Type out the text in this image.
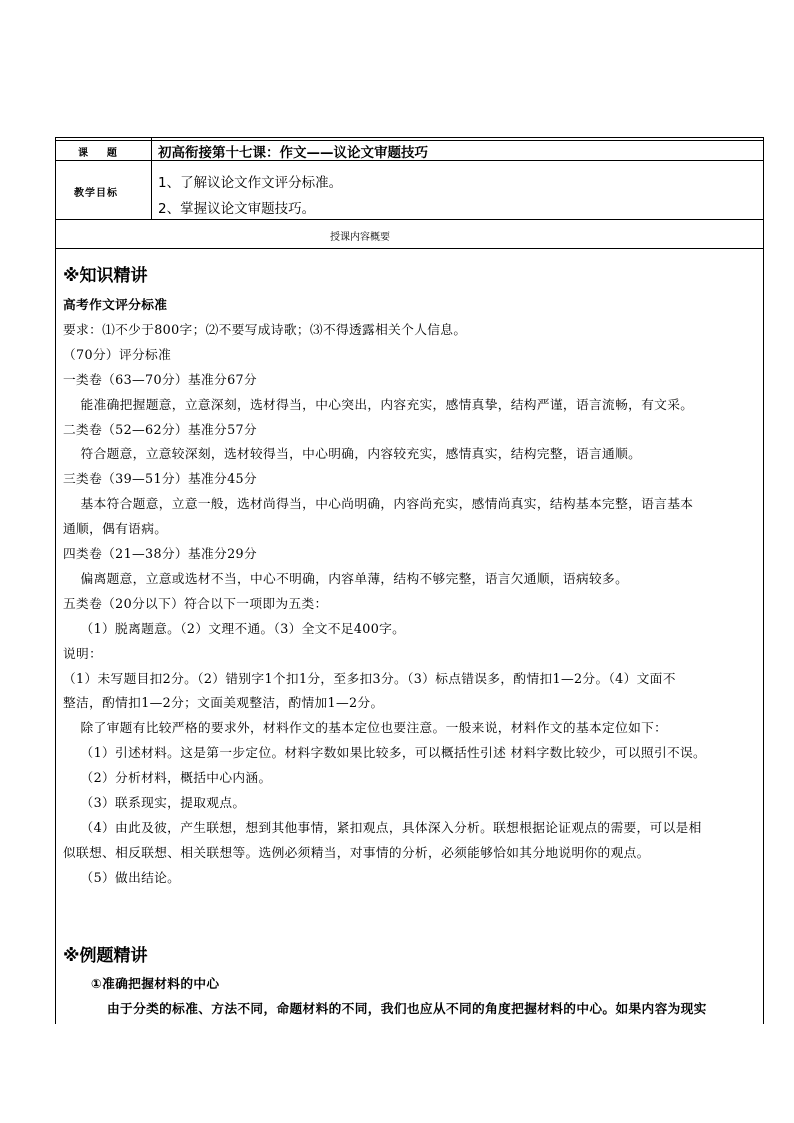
课    题	初高衔接第十七课：作文——议论文审题技巧
教学目标
1、了解议论文作文评分标准。
2、掌握议论文审题技巧。
授课内容概要
※知识精讲
高考作文评分标准
要求：⑴不少于800字；⑵不要写成诗歌；⑶不得透露相关个人信息。
（70分）评分标准
一类卷（63—70分）基准分67分
能准确把握题意，立意深刻，选材得当，中心突出，内容充实，感情真挚，结构严谨，语言流畅，有文采。
二类卷（52—62分）基准分57分
符合题意，立意较深刻，选材较得当，中心明确，内容较充实，感情真实，结构完整，语言通顺。
三类卷（39—51分）基准分45分
基本符合题意，立意一般，选材尚得当，中心尚明确，内容尚充实，感情尚真实，结构基本完整，语言基本
通顺，偶有语病。
四类卷（21—38分）基准分29分
偏离题意，立意或选材不当，中心不明确，内容单薄，结构不够完整，语言欠通顺，语病较多。
五类卷（20分以下）符合以下一项即为五类：
（1）脱离题意。（2）文理不通。（3）全文不足400字。
说明：
（1）未写题目扣2分。（2）错别字1个扣1分，至多扣3分。（3）标点错误多，酌情扣1—2分。（4）文面不
整洁，酌情扣1—2分；文面美观整洁，酌情加1—2分。
除了审题有比较严格的要求外，材料作文的基本定位也要注意。一般来说，材料作文的基本定位如下：
（1）引述材料。这是第一步定位。材料字数如果比较多，可以概括性引述 材料字数比较少，可以照引不误。
（2）分析材料，概括中心内涵。
（3）联系现实，提取观点。
（4）由此及彼，产生联想，想到其他事情，紧扣观点，具体深入分析。联想根据论证观点的需要，可以是相
似联想、相反联想、相关联想等。选例必须精当，对事情的分析，必须能够恰如其分地说明你的观点。
（5）做出结论。
※例题精讲
①准确把握材料的中心
由于分类的标准、方法不同，命题材料的不同，我们也应从不同的角度把握材料的中心。如果内容为现实
